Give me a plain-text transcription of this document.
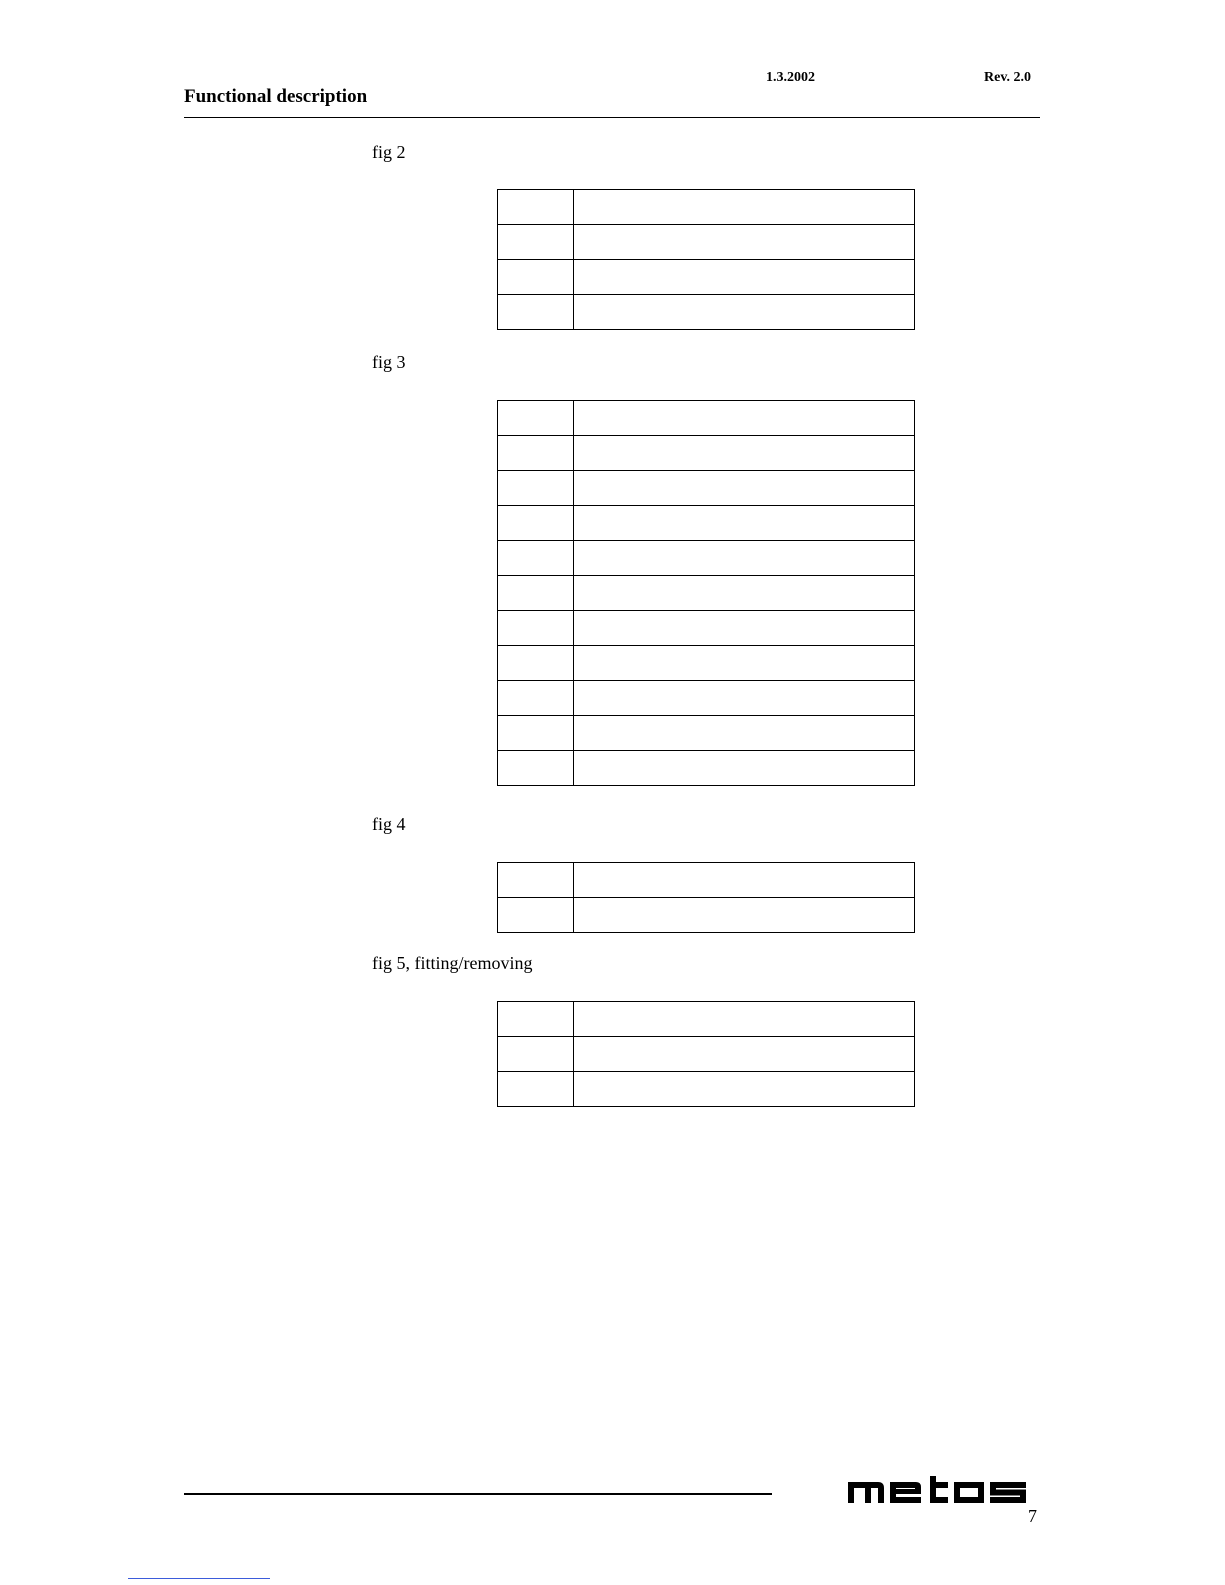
Functional description
1.3.2002	Rev. 2.0
fig 2

fig 3

fig 4

fig 5, fitting/removing

7
